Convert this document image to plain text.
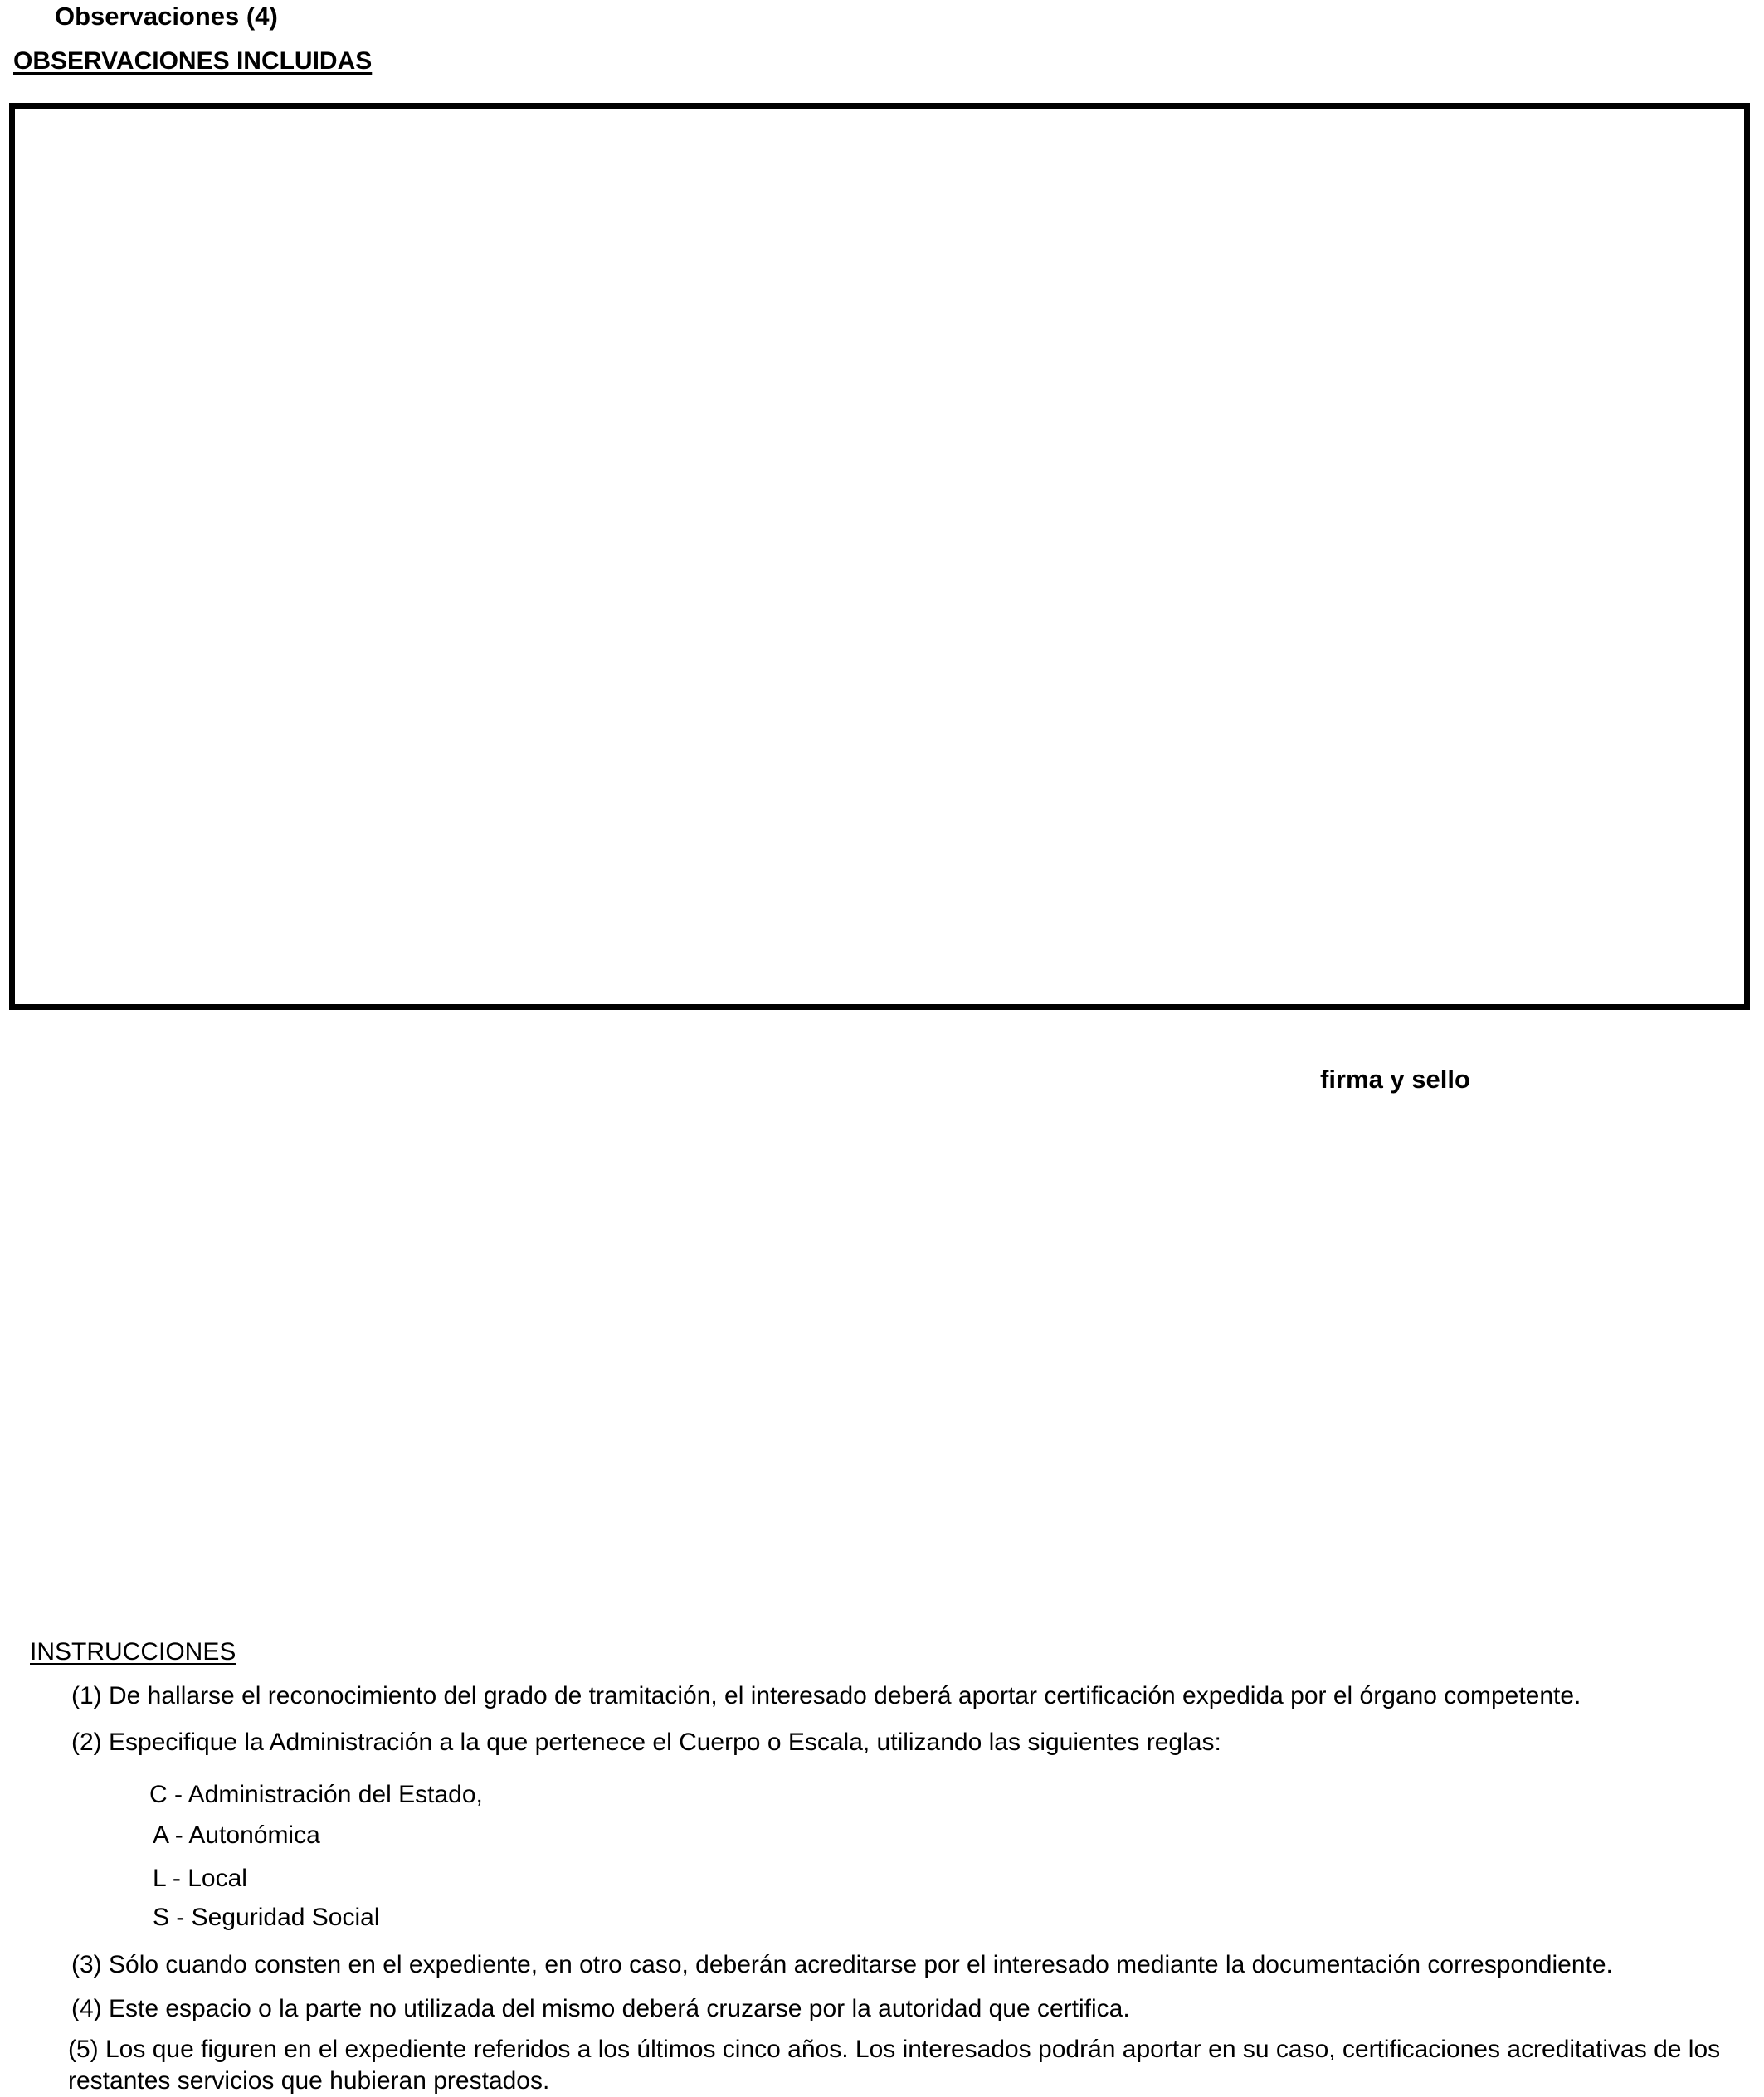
Observaciones (4)
OBSERVACIONES INCLUIDAS
firma y sello
INSTRUCCIONES
(1) De hallarse el reconocimiento del grado de tramitación, el interesado deberá aportar certificación expedida por el órgano competente.
(2) Especifique la Administración a la que pertenece el Cuerpo o Escala, utilizando las siguientes reglas:
C - Administración del Estado,
A - Autonómica
L - Local
S - Seguridad Social
(3) Sólo cuando consten en el expediente, en otro caso, deberán acreditarse por el interesado mediante la documentación correspondiente.
(4) Este espacio o la parte no utilizada del mismo deberá cruzarse por la autoridad que certifica.
(5) Los que figuren en el expediente referidos a los últimos cinco años. Los interesados podrán aportar en su caso, certificaciones acreditativas de los restantes servicios que hubieran prestados.
